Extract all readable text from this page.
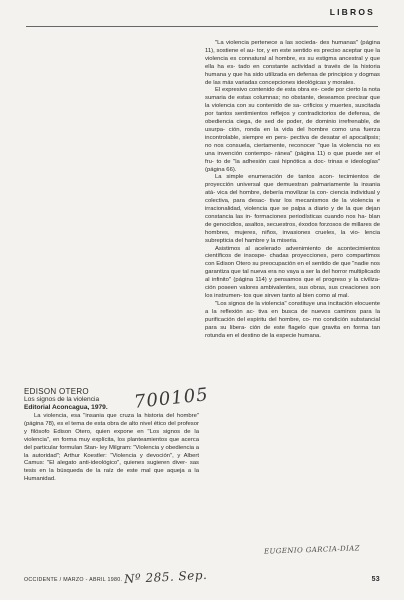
LIBROS

"La violencia pertenece a las socieda- des humanas" (página 11), sostiene el au- tor, y en este sentido es preciso aceptar que la violencia es connatural al hombre, es su estigma ancestral y que ella ha es- tado en constante actividad a través de la historia humana y que ha sido utilizada en defensa de principios y dogmas de las más variadas concepciones ideológicas y morales.

El expresivo contenido de esta obra ex- cede por cierto la nota sumaria de estas columnas; no obstante, deseamos precisar que la violencia con su contenido de sa- crificios y muertes, suscitada por tantos sentimientos reflejos y contradictorios de defensa, de obediencia ciega, de sed de poder, de dominio irrefrenable, de usurpa- ción, ronda en la vida del hombre como una fuerza incontrolable, siempre en pers- pectiva de desatar el apocalipsis; no nos consuela, ciertamente, reconocer "que la violencia no es una invención contempo- ránea" (página 11) o que puede ser el fru- to de "la adhesión casi hipnótica a doc- trinas e ideologías" (página 66).

La simple enumeración de tantos acon- tecimientos de proyección universal que demuestran palmariamente la insania atá- vica del hombre, debería movilizar la con- ciencia individual y colectiva, para desac- tivar los mecanismos de la violencia e irracionalidad, violencia que se palpa a diario y de la que dejan constancia las in- formaciones periodísticas cuando nos ha- blan de genocidios, asaltos, secuestros, éxodos forzosos de millares de hombres, mujeres, niños, invasiones crueles, la vio- lencia subrepticia del hambre y la miseria.

Asistimos al acelerado advenimiento de acontecimientos científicos de insospe- chadas proyecciones, pero compartimos con Edison Otero su preocupación en el sentido de que "nadie nos garantiza que tal nueva era no vaya a ser la del horror multiplicado al infinito" (página 114) y pensamos que el progreso y la civiliza- ción poseen valores ambivalentes, sus obras, sus creaciones son los instrumen- tos que sirven tanto al bien como al mal.

"Los signos de la violencia" constituye una incitación elocuente a la reflexión ac- tiva en busca de nuevos caminos para la purificación del espíritu del hombre, co- mo condición substancial para su libera- ción de este flagelo que gravita en forma tan rotunda en el destino de la especie humana.

EDISON OTERO
Los signos de la violencia
Editorial Aconcagua, 1979.	700105

La violencia, esa "insania que cruza la historia del hombre" (página 78), es el tema de esta obra de alto nivel ético del profesor y filósofo Edison Otero, quien expone en "Los signos de la violencia", en forma muy explícita, los planteamientos que acerca del particular formulan Stan- ley Milgram: "Violencia y obediencia a la autoridad"; Arthur Koestler: "Violencia y devoción", y Albert Camus: "El alegato anti-ideológico", quienes sugieren diver- sas tesis en la búsqueda de la raíz de este mal que aqueja a la Humanidad.

EUGENIO GARCIA-DIAZ
OCCIDENTE / MARZO - ABRIL 1980. Nº 285. Sep.	53
